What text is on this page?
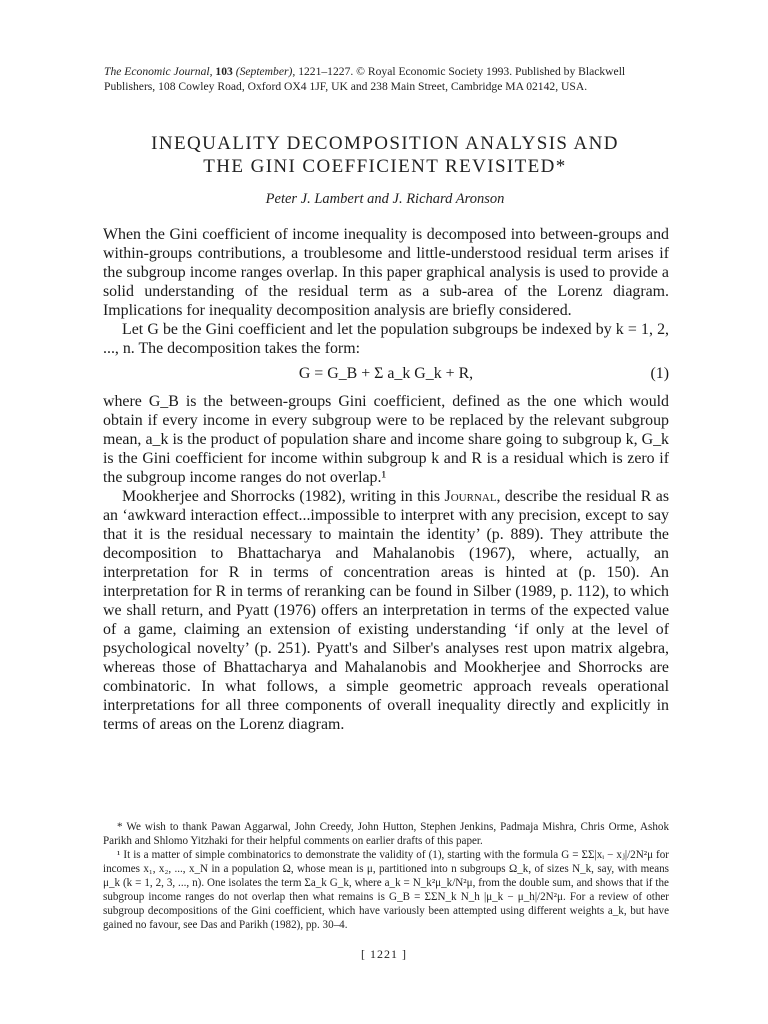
The Economic Journal, 103 (September), 1221–1227. © Royal Economic Society 1993. Published by Blackwell
Publishers, 108 Cowley Road, Oxford OX4 1JF, UK and 238 Main Street, Cambridge MA 02142, USA.
INEQUALITY DECOMPOSITION ANALYSIS AND
THE GINI COEFFICIENT REVISITED*
Peter J. Lambert and J. Richard Aronson

When the Gini coefficient of income inequality is decomposed into between-groups and within-groups contributions, a troublesome and little-understood residual term arises if the subgroup income ranges overlap. In this paper graphical analysis is used to provide a solid understanding of the residual term as a sub-area of the Lorenz diagram. Implications for inequality decomposition analysis are briefly considered.

Let G be the Gini coefficient and let the population subgroups be indexed by k = 1, 2, ..., n. The decomposition takes the form:

G = G_B + Σ a_k G_k + R,	(1)

where G_B is the between-groups Gini coefficient, defined as the one which would obtain if every income in every subgroup were to be replaced by the relevant subgroup mean, a_k is the product of population share and income share going to subgroup k, G_k is the Gini coefficient for income within subgroup k and R is a residual which is zero if the subgroup income ranges do not overlap.¹

Mookherjee and Shorrocks (1982), writing in this Journal, describe the residual R as an ‘awkward interaction effect...impossible to interpret with any precision, except to say that it is the residual necessary to maintain the identity’ (p. 889). They attribute the decomposition to Bhattacharya and Mahalanobis (1967), where, actually, an interpretation for R in terms of concentration areas is hinted at (p. 150). An interpretation for R in terms of reranking can be found in Silber (1989, p. 112), to which we shall return, and Pyatt (1976) offers an interpretation in terms of the expected value of a game, claiming an extension of existing understanding ‘if only at the level of psychological novelty’ (p. 251). Pyatt's and Silber's analyses rest upon matrix algebra, whereas those of Bhattacharya and Mahalanobis and Mookherjee and Shorrocks are combinatoric. In what follows, a simple geometric approach reveals operational interpretations for all three components of overall inequality directly and explicitly in terms of areas on the Lorenz diagram.

* We wish to thank Pawan Aggarwal, John Creedy, John Hutton, Stephen Jenkins, Padmaja Mishra, Chris Orme, Ashok Parikh and Shlomo Yitzhaki for their helpful comments on earlier drafts of this paper.

¹ It is a matter of simple combinatorics to demonstrate the validity of (1), starting with the formula G = ΣΣ|xᵢ − xⱼ|/2N²μ for incomes x₁, x₂, ..., x_N in a population Ω, whose mean is μ, partitioned into n subgroups Ω_k, of sizes N_k, say, with means μ_k (k = 1, 2, 3, ..., n). One isolates the term Σa_k G_k, where a_k = N_k²μ_k/N²μ, from the double sum, and shows that if the subgroup income ranges do not overlap then what remains is G_B = ΣΣN_k N_h |μ_k − μ_h|/2N²μ. For a review of other subgroup decompositions of the Gini coefficient, which have variously been attempted using different weights a_k, but have gained no favour, see Das and Parikh (1982), pp. 30–4.

[ 1221 ]
